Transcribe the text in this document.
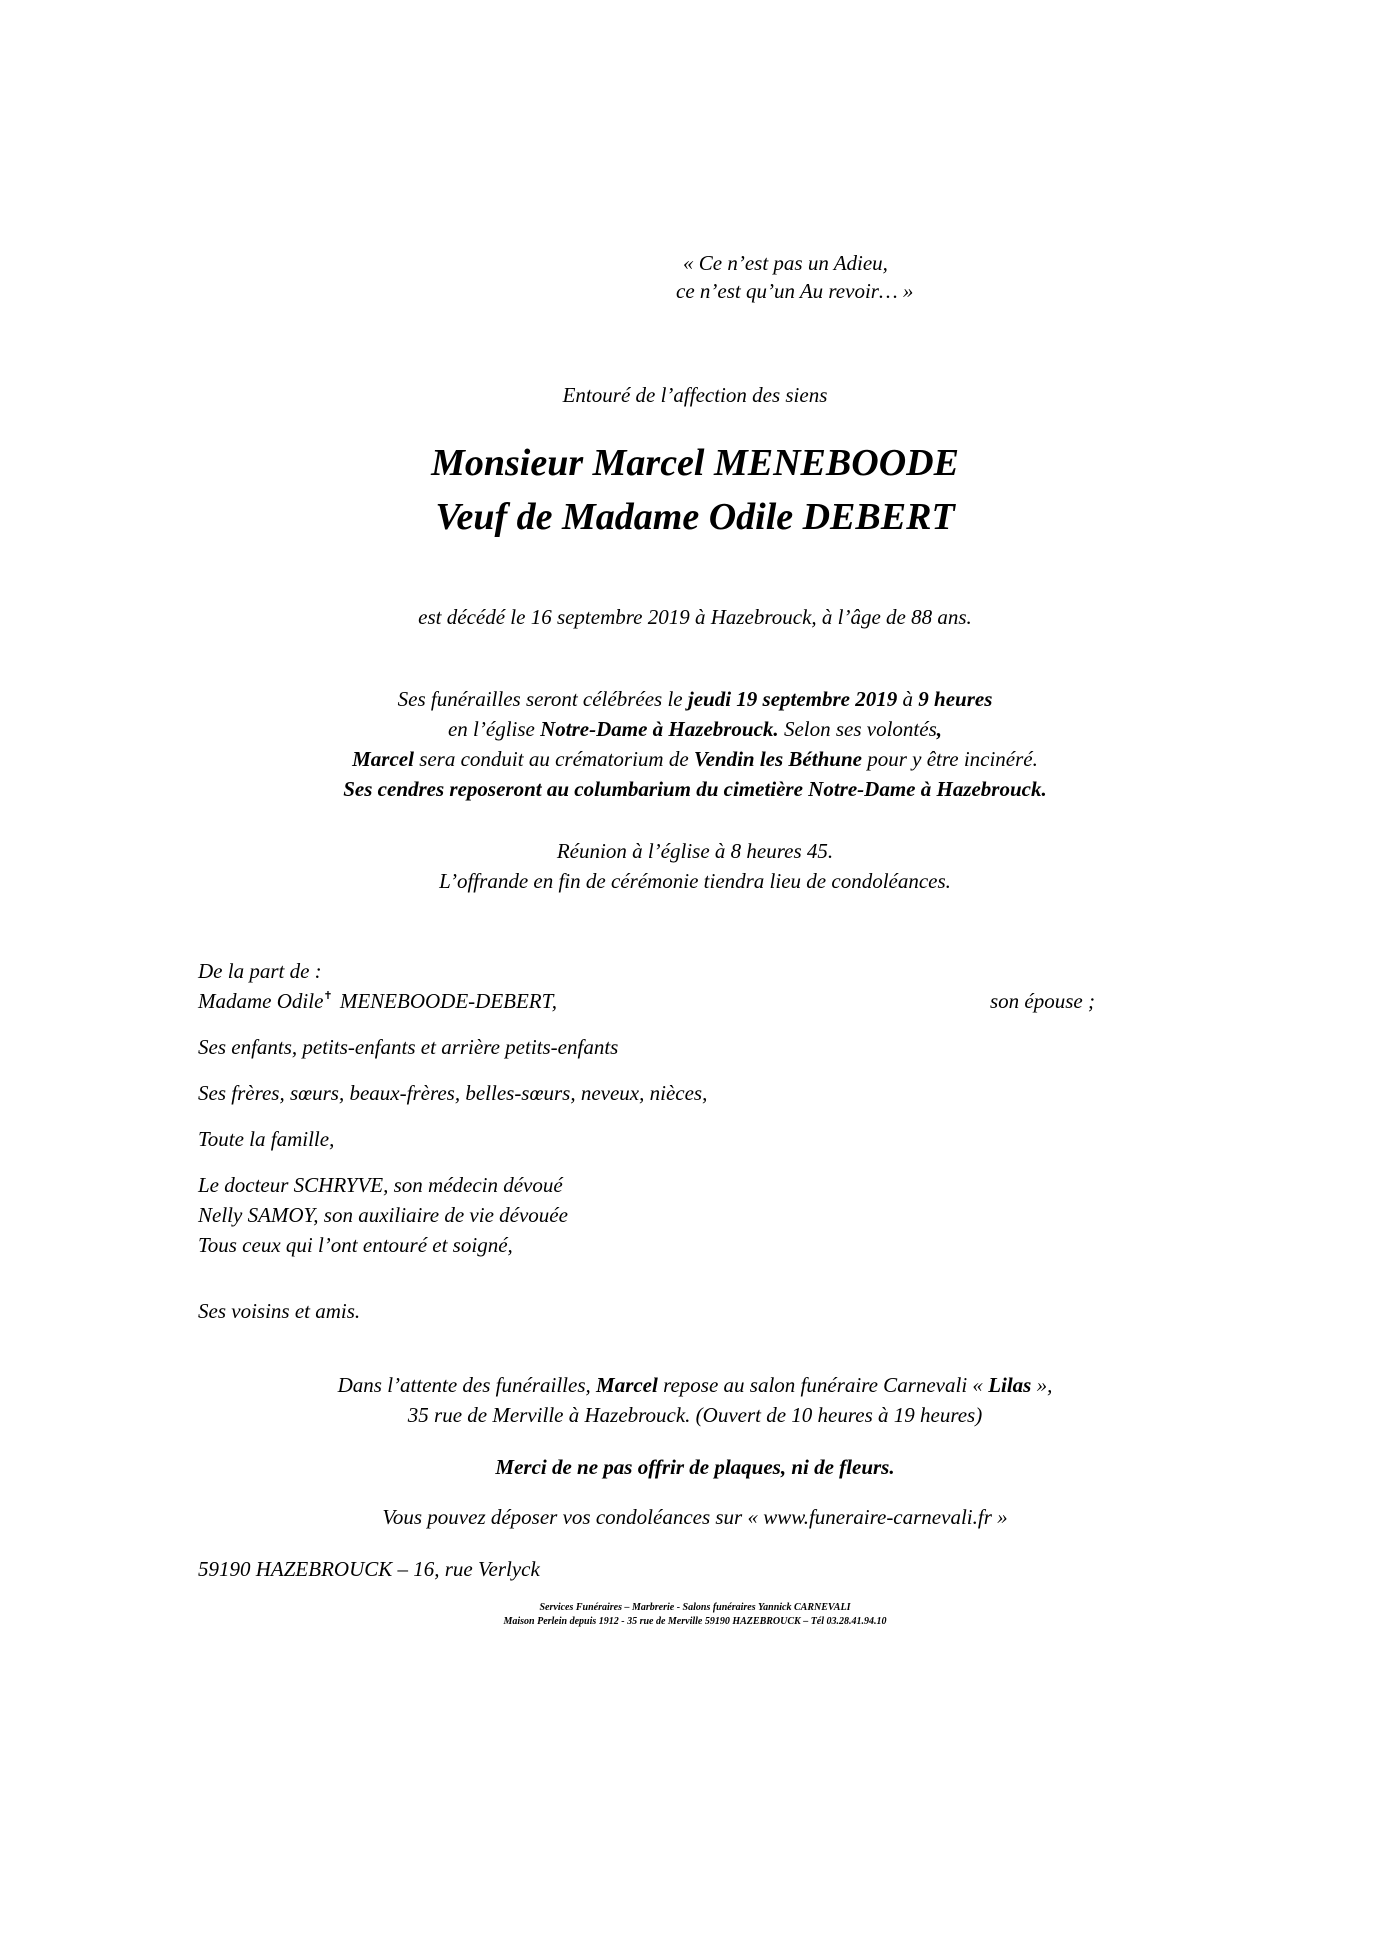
« Ce n’est pas un Adieu,
ce n’est qu’un Au revoir… »
Entouré de l’affection des siens
Monsieur Marcel MENEBOODE
Veuf de Madame Odile DEBERT
est décédé le 16 septembre 2019 à Hazebrouck, à l’âge de 88 ans.
Ses funérailles seront célébrées le jeudi 19 septembre 2019 à 9 heures
en l’église Notre-Dame à Hazebrouck. Selon ses volontés,
Marcel sera conduit au crématorium de Vendin les Béthune pour y être incinéré.
Ses cendres reposeront au columbarium du cimetière Notre-Dame à Hazebrouck.
Réunion à l’église à 8 heures 45.
L’offrande en fin de cérémonie tiendra lieu de condoléances.
De la part de :
Madame Odile✝ MENEBOODE-DEBERT,	son épouse ;
Ses enfants, petits-enfants et arrière petits-enfants
Ses frères, sœurs, beaux-frères, belles-sœurs, neveux, nièces,
Toute la famille,
Le docteur SCHRYVE, son médecin dévoué
Nelly SAMOY, son auxiliaire de vie dévouée
Tous ceux qui l’ont entouré et soigné,
Ses voisins et amis.
Dans l’attente des funérailles, Marcel repose au salon funéraire Carnevali « Lilas »,
35 rue de Merville à Hazebrouck. (Ouvert de 10 heures à 19 heures)
Merci de ne pas offrir de plaques, ni de fleurs.
Vous pouvez déposer vos condoléances sur « www.funeraire-carnevali.fr »
59190 HAZEBROUCK – 16, rue Verlyck
Services Funéraires – Marbrerie - Salons funéraires Yannick CARNEVALI
Maison Perlein depuis 1912 - 35 rue de Merville 59190 HAZEBROUCK – Tél 03.28.41.94.10
